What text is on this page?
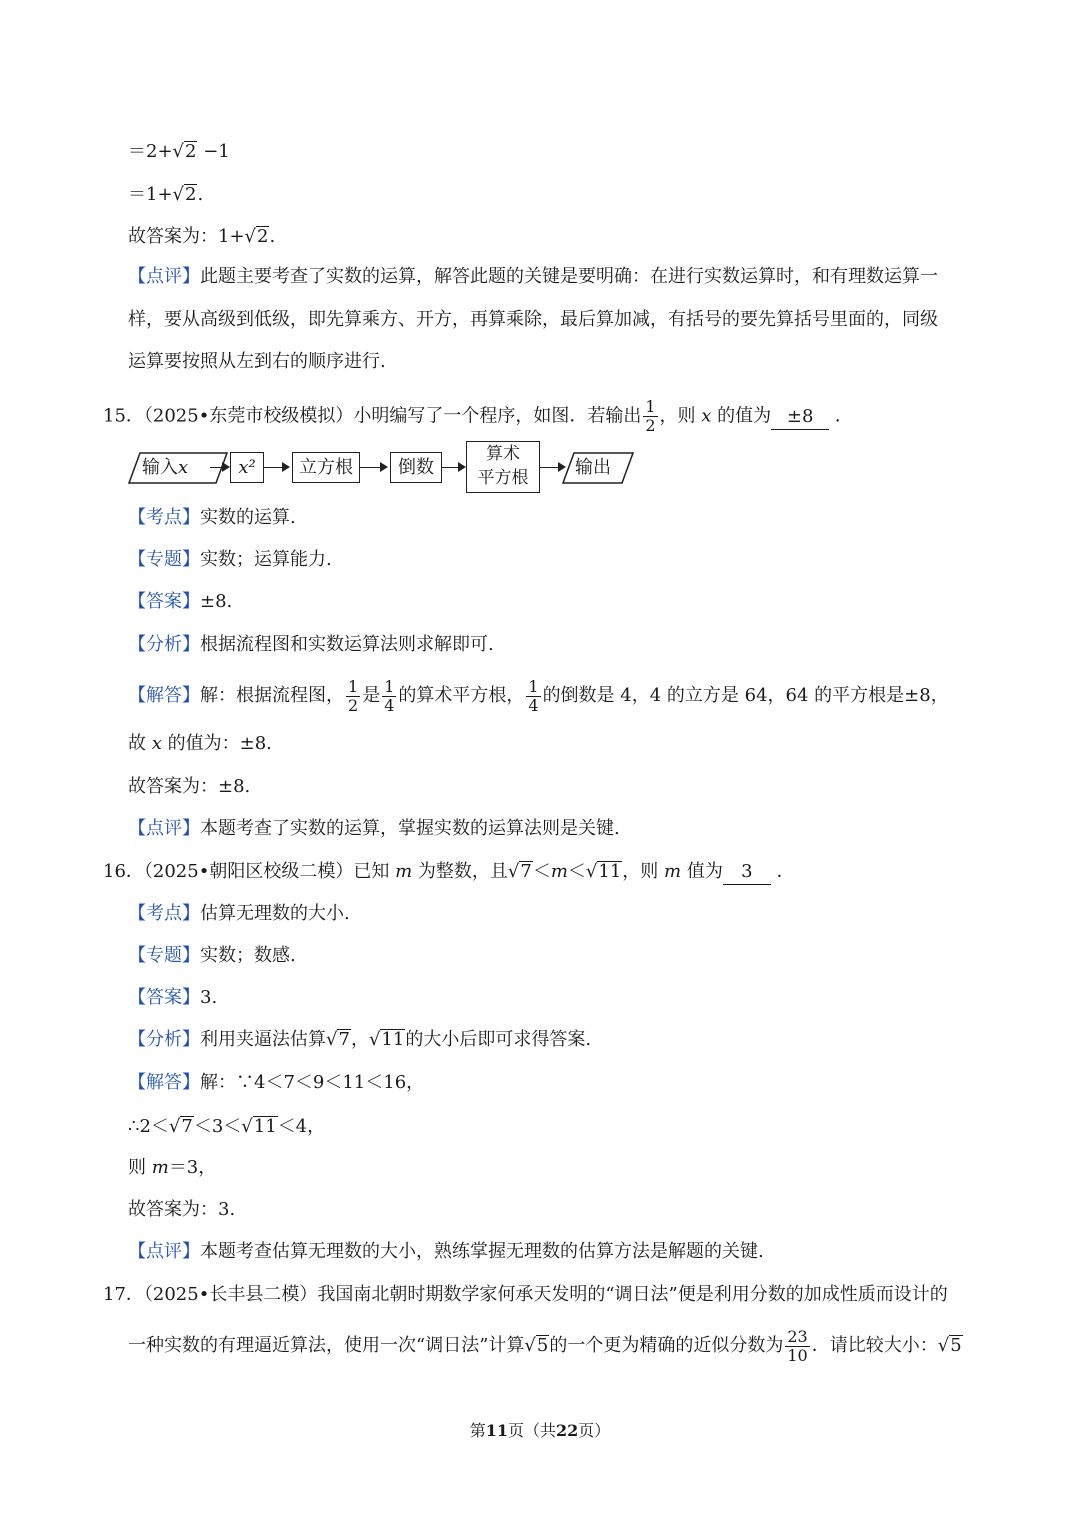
＝2+√2 −1
＝1+√2.
故答案为：1+√2.
【点评】此题主要考查了实数的运算，解答此题的关键是要明确：在进行实数运算时，和有理数运算一
样，要从高级到低级，即先算乘方、开方，再算乘除，最后算加减，有括号的要先算括号里面的，同级
运算要按照从左到右的顺序进行.
15．（2025•东莞市校级模拟）小明编写了一个程序，如图．若输出 $\frac{1}{2}$ ，则 x 的值为 ±8 ．
输入x	x²	立方根	倒数
算术
平方根	输出
【考点】实数的运算.
【专题】实数；运算能力.
【答案】±8.
【分析】根据流程图和实数运算法则求解即可.
【解答】解：根据流程图， $\frac{1}{2}$ 是 $\frac{1}{4}$ 的算术平方根， $\frac{1}{4}$ 的倒数是 4，4 的立方是 64，64 的平方根是±8，
故 x 的值为：±8.
故答案为：±8.
【点评】本题考查了实数的运算，掌握实数的运算法则是关键.
16．（2025•朝阳区校级二模）已知 m 为整数，且√7＜m＜√11，则 m 值为 3 ．
【考点】估算无理数的大小.
【专题】实数；数感.
【答案】3.
【分析】利用夹逼法估算√7，√11的大小后即可求得答案.
【解答】解：∵4＜7＜9＜11＜16，
∴2＜√7＜3＜√11＜4，
则 m＝3，
故答案为：3.
【点评】本题考查估算无理数的大小，熟练掌握无理数的估算方法是解题的关键.
17．（2025•长丰县二模）我国南北朝时期数学家何承天发明的“调日法”便是利用分数的加成性质而设计的
一种实数的有理逼近算法，使用一次“调日法”计算√5的一个更为精确的近似分数为 $\frac{23}{10}$ ．请比较大小：√5
第11页（共22页）
